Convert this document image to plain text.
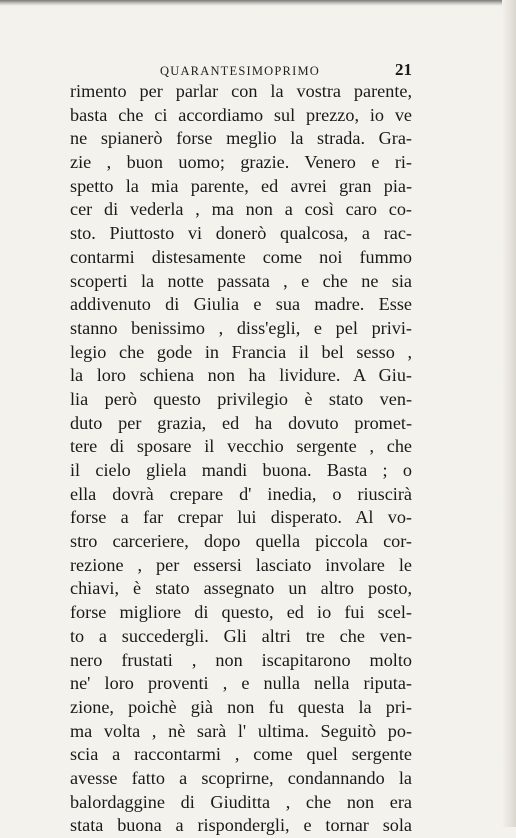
QUARANTESIMOPRIMO	21
rimento per parlar con la vostra parente,
basta che ci accordiamo sul prezzo, io ve
ne spianerò forse meglio la strada. Gra-
zie , buon uomo; grazie. Venero e ri-
spetto la mia parente, ed avrei gran pia-
cer di vederla , ma non a così caro co-
sto. Piuttosto vi donerò qualcosa, a rac-
contarmi distesamente come noi fummo
scoperti la notte passata , e che ne sia
addivenuto di Giulia e sua madre. Esse
stanno benissimo , diss'egli, e pel privi-
legio che gode in Francia il bel sesso ,
la loro schiena non ha lividure. A Giu-
lia però questo privilegio è stato ven-
duto per grazia, ed ha dovuto promet-
tere di sposare il vecchio sergente , che
il cielo gliela mandi buona. Basta ; o
ella dovrà crepare d' inedia, o riuscirà
forse a far crepar lui disperato. Al vo-
stro carceriere, dopo quella piccola cor-
rezione , per essersi lasciato involare le
chiavi, è stato assegnato un altro posto,
forse migliore di questo, ed io fui scel-
to a succedergli. Gli altri tre che ven-
nero frustati , non iscapitarono molto
ne' loro proventi , e nulla nella riputa-
zione, poichè già non fu questa la pri-
ma volta , nè sarà l' ultima. Seguitò po-
scia a raccontarmi , come quel sergente
avesse fatto a scoprirne, condannando la
balordaggine di Giuditta , che non era
stata buona a rispondergli, e tornar sola
